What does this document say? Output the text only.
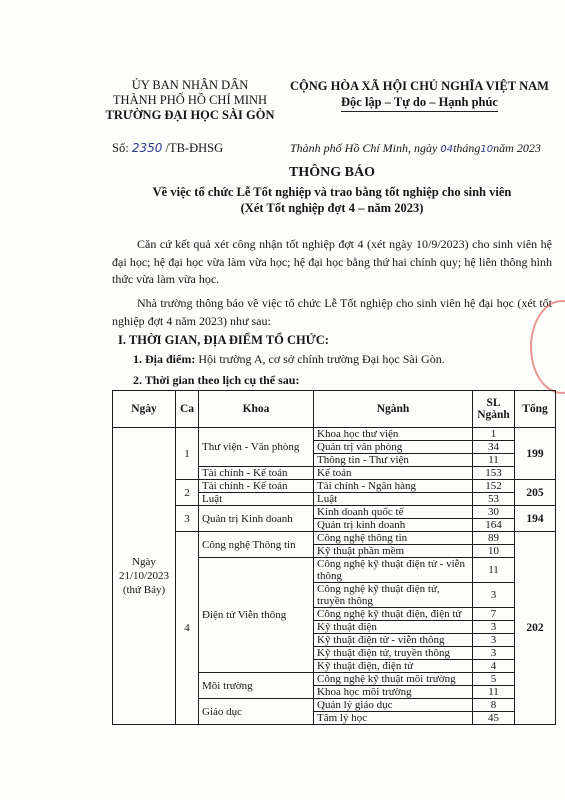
ỦY BAN NHÂN DÂN
THÀNH PHỐ HỒ CHÍ MINH
TRƯỜNG ĐẠI HỌC SÀI GÒN
CỘNG HÒA XÃ HỘI CHỦ NGHĨA VIỆT NAM
Độc lập – Tự do – Hạnh phúc
Số: 2350 /TB-ĐHSG	Thành phố Hồ Chí Minh, ngày 04tháng10năm 2023
THÔNG BÁO
Về việc tổ chức Lễ Tốt nghiệp và trao bằng tốt nghiệp cho sinh viên
(Xét Tốt nghiệp đợt 4 – năm 2023)
Căn cứ kết quả xét công nhận tốt nghiệp đợt 4 (xét ngày 10/9/2023) cho sinh viên hệ đại học; hệ đại học vừa làm vừa học; hệ đại học bằng thứ hai chính quy; hệ liên thông hình thức vừa làm vừa học.
Nhà trường thông báo về việc tổ chức Lễ Tốt nghiệp cho sinh viên hệ đại học (xét tốt nghiệp đợt 4 năm 2023) như sau:
I. THỜI GIAN, ĐỊA ĐIỂM TỔ CHỨC:
1. Địa điểm: Hội trường A, cơ sở chính trường Đại học Sài Gòn.
2. Thời gian theo lịch cụ thể sau:
Ngày	Ca	Khoa	Ngành	SL Ngành	Tổng

Ngày
21/10/2023
(thứ Bảy)	1	Thư viện - Văn phòng	Khoa học thư viện	1	199
			Quản trị văn phòng	34	
			Thông tin - Thư viện	11	
		Tài chính - Kế toán	Kế toán	153	
	2	Tài chính - Kế toán	Tài chính - Ngân hàng	152	205
		Luật	Luật	53	
	3	Quản trị Kinh doanh	Kinh doanh quốc tế	30	194
			Quản trị kinh doanh	164	
	4	Công nghệ Thông tin	Công nghệ thông tin	89	202
			Kỹ thuật phần mềm	10	
		Điện tử Viễn thông	Công nghệ kỹ thuật điện tử - viễn thông	11	
			Công nghệ kỹ thuật điện tử, truyền thông	3	
			Công nghệ kỹ thuật điện, điện tử	7	
			Kỹ thuật điện	3	
			Kỹ thuật điện tử - viễn thông	3	
			Kỹ thuật điện tử, truyền thông	3	
			Kỹ thuật điện, điện tử	4	
		Môi trường	Công nghệ kỹ thuật môi trường	5	
			Khoa học môi trường	11	
		Giáo dục	Quản lý giáo dục	8	
			Tâm lý học	45	
